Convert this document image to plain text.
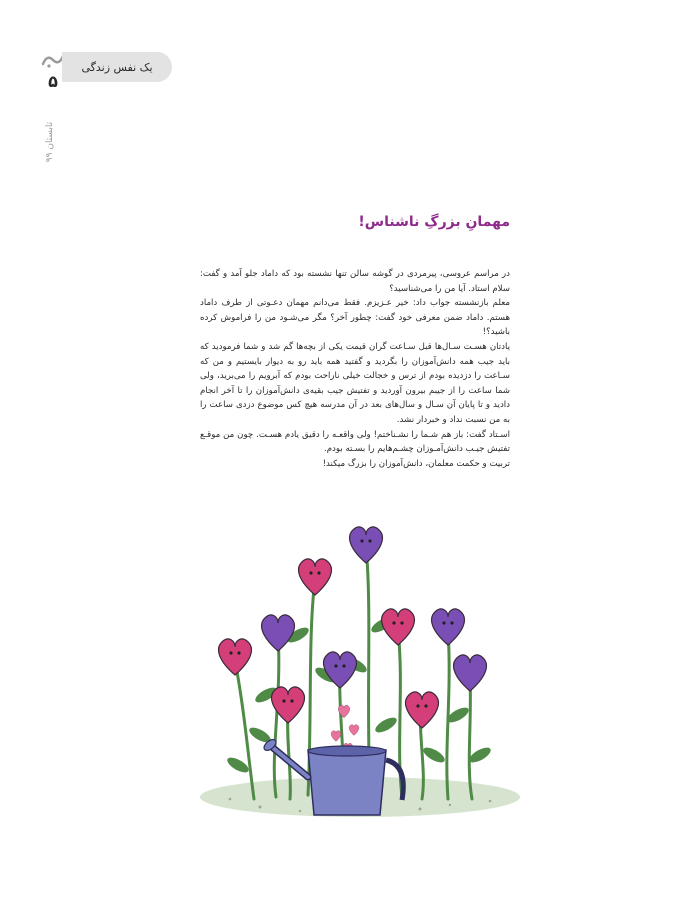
یک نفس زندگی
۵
تابستان ۹۹
مهمانِ بزرگِ ناشناس!

در مراسم عروسی، پیرمردی در گوشه سالن تنها نشسته بود که داماد جلو آمد و گفت: سلام استاد. آیا من را می‌شناسید؟

معلم بازنشسته جواب داد: خیر عـزیزم. فقط می‌دانم مهمان دعـوتی از طرف داماد هستم. داماد ضمن معرفی خود گفت: چطور آخر؟ مگر می‌شـود من را فراموش کرده باشید؟!

یادتان هسـت سـال‌ها قبل سـاعت گران قیمت یکی از بچه‌ها گم شد و شما فرمودید که باید جیب همه دانش‌آموزان را بگردید و گفتید همه باید رو به دیوار بایستیم و من که سـاعت را دزدیده بودم از ترس و خجالت خیلی ناراحت بودم که آبرویم را می‌برید، ولی شما ساعت را از جیبم بیرون آوردید و تفتیش جیب بقیه‌ی دانش‌آموزان را تا آخر انجام دادید و تا پایان آن سـال و سال‌های بعد در آن مدرسه هیچ کس موضوع دزدی ساعت را به من نسبت نداد و خبردار نشد.

اسـتاد گفت: باز هم شـما را نشـناختم! ولی واقعـه را دقیق یادم هسـت. چون من موقـع تفتیش جیـب دانش‌آمـوزان چشـم‌هایم را بسـته بودم.

تربیت و حکمت معلمان، دانش‌آموزان را بزرگ میکند!
